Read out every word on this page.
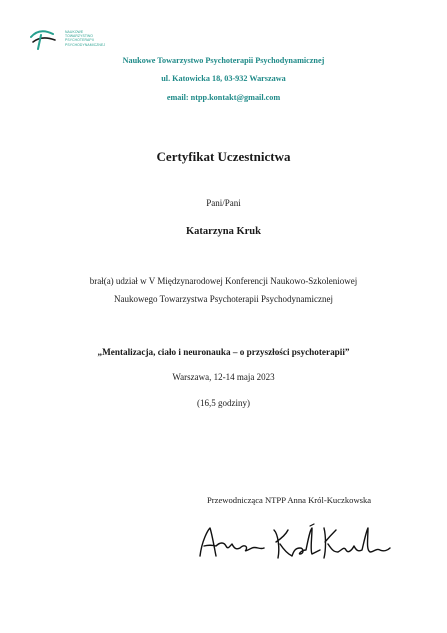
NAUKOWE
TOWARZYSTWO
PSYCHOTERAPII
PSYCHODYNAMICZNEJ
Naukowe Towarzystwo Psychoterapii Psychodynamicznej
ul. Katowicka 18, 03-932 Warszawa
email: ntpp.kontakt@gmail.com
Certyfikat Uczestnictwa
Pani/Pani
Katarzyna Kruk
brał(a) udział w V Międzynarodowej Konferencji Naukowo-Szkoleniowej
Naukowego Towarzystwa Psychoterapii Psychodynamicznej
„Mentalizacja, ciało i neuronauka – o przyszłości psychoterapii”
Warszawa, 12-14 maja 2023
(16,5 godziny)
Przewodnicząca NTPP Anna Król-Kuczkowska
